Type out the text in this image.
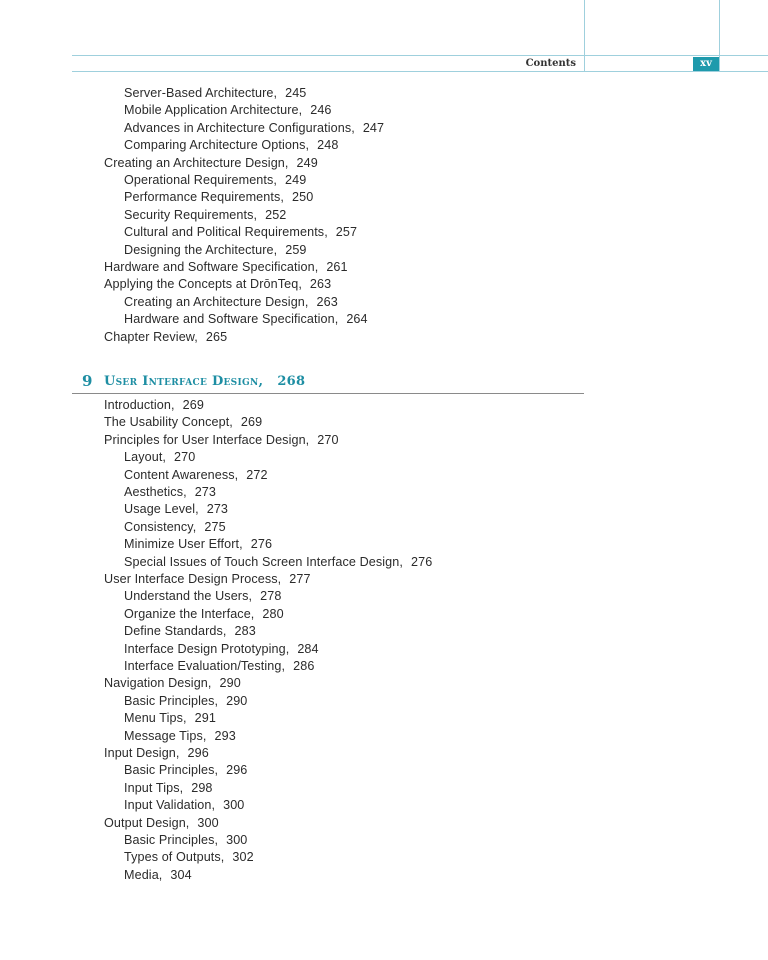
Contents	xv
Server-Based Architecture, 245
Mobile Application Architecture, 246
Advances in Architecture Configurations, 247
Comparing Architecture Options, 248
Creating an Architecture Design, 249
Operational Requirements, 249
Performance Requirements, 250
Security Requirements, 252
Cultural and Political Requirements, 257
Designing the Architecture, 259
Hardware and Software Specification, 261
Applying the Concepts at DrōnTeq, 263
Creating an Architecture Design, 263
Hardware and Software Specification, 264
Chapter Review, 265
9 User Interface Design, 268
Introduction, 269
The Usability Concept, 269
Principles for User Interface Design, 270
Layout, 270
Content Awareness, 272
Aesthetics, 273
Usage Level, 273
Consistency, 275
Minimize User Effort, 276
Special Issues of Touch Screen Interface Design, 276
User Interface Design Process, 277
Understand the Users, 278
Organize the Interface, 280
Define Standards, 283
Interface Design Prototyping, 284
Interface Evaluation/Testing, 286
Navigation Design, 290
Basic Principles, 290
Menu Tips, 291
Message Tips, 293
Input Design, 296
Basic Principles, 296
Input Tips, 298
Input Validation, 300
Output Design, 300
Basic Principles, 300
Types of Outputs, 302
Media, 304
